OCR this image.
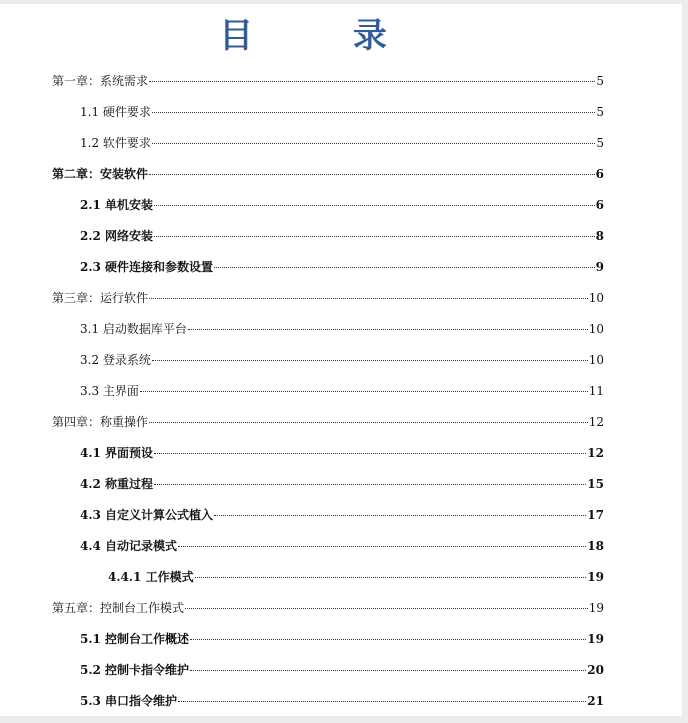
目 录
第一章：系统需求	5
1.1 硬件要求	5
1.2 软件要求	5
第二章：安装软件	6
2.1 单机安装	6
2.2 网络安装	8
2.3 硬件连接和参数设置	9
第三章：运行软件	10
3.1 启动数据库平台	10
3.2 登录系统	10
3.3 主界面	11
第四章：称重操作	12
4.1 界面预设	12
4.2 称重过程	15
4.3 自定义计算公式植入	17
4.4 自动记录模式	18
4.4.1 工作模式	19
第五章：控制台工作模式	19
5.1 控制台工作概述	19
5.2 控制卡指令维护	20
5.3 串口指令维护	21
